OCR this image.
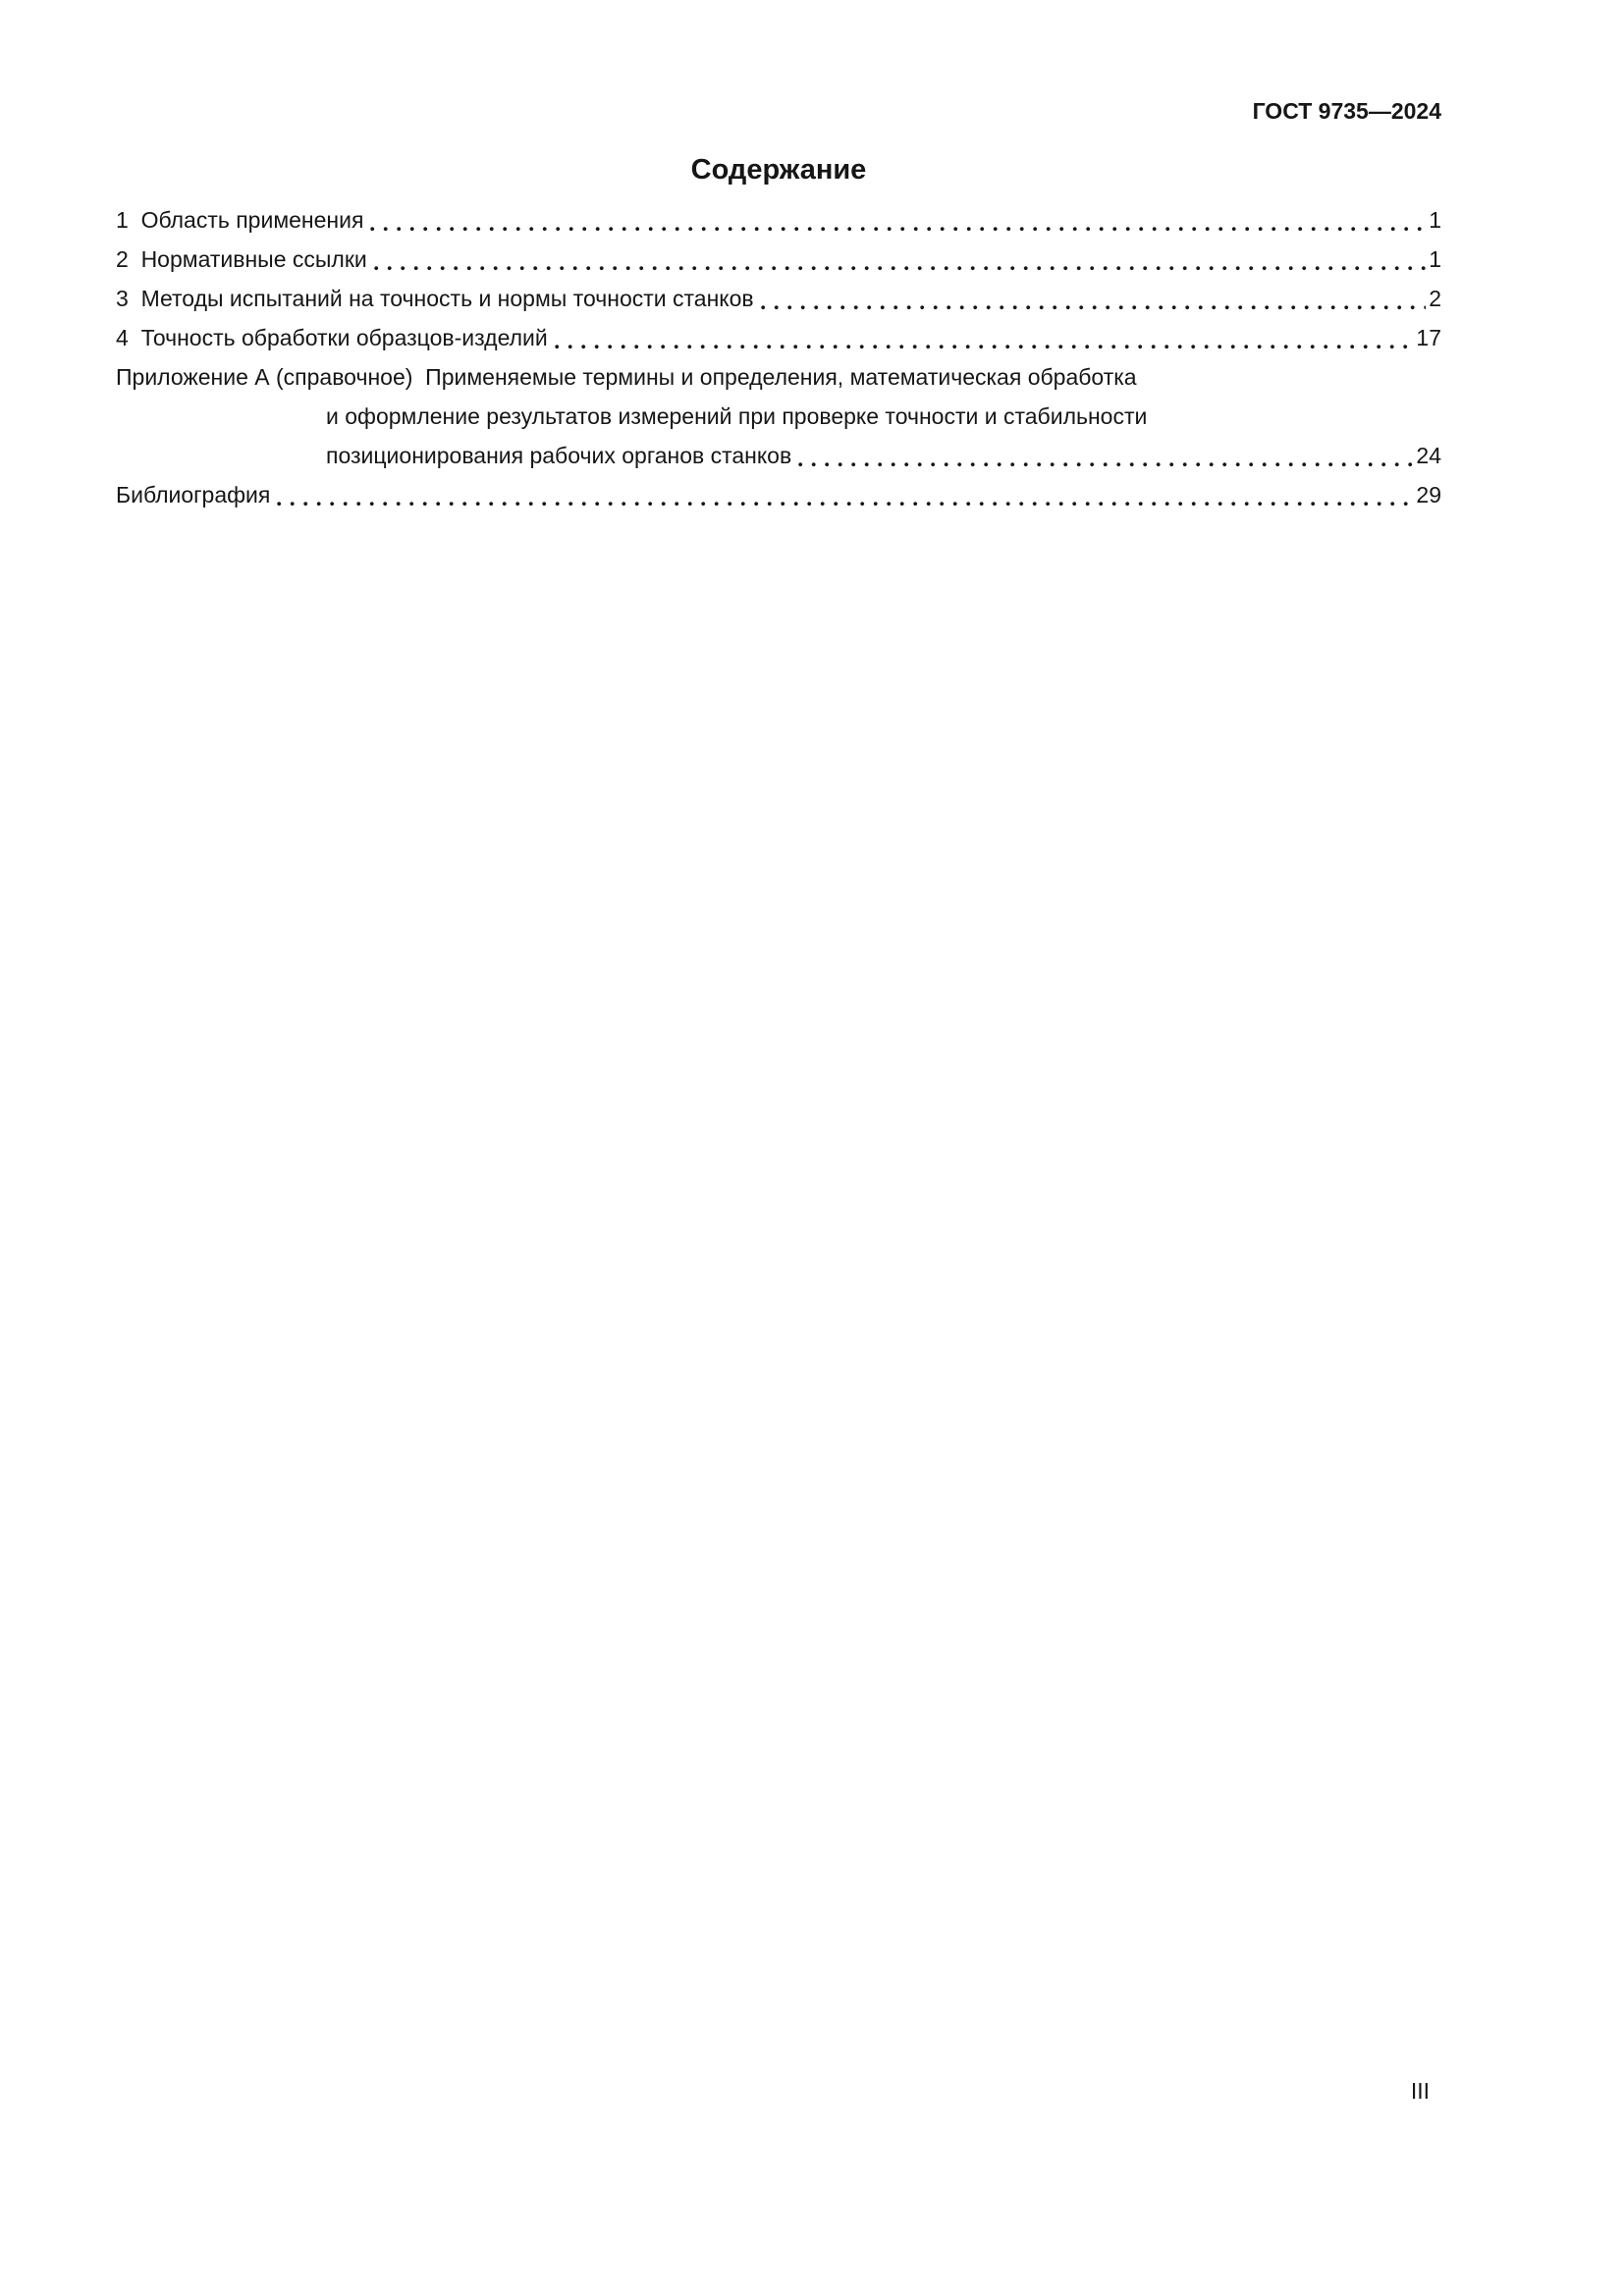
ГОСТ 9735—2024
Содержание
1  Область применения	1
2  Нормативные ссылки	1
3  Методы испытаний на точность и нормы точности станков	2
4  Точность обработки образцов-изделий	17
Приложение А (справочное)  Применяемые термины и определения, математическая обработка
и оформление результатов измерений при проверке точности и стабильности
позиционирования рабочих органов станков	24
Библиография	29
III
